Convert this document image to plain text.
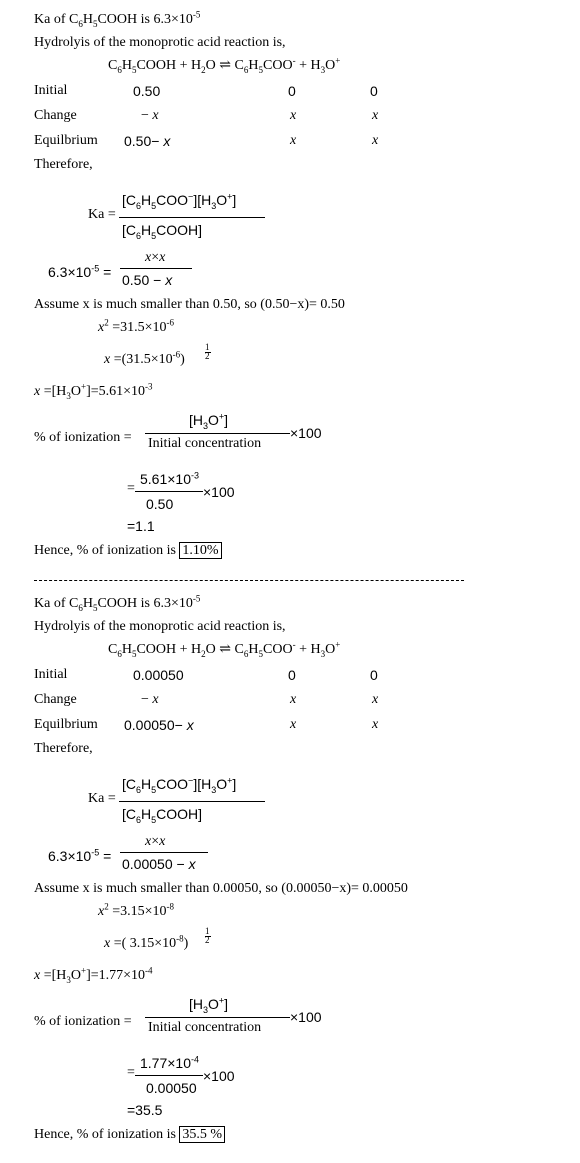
Ka of $C_6H_5COOH$ is $6.3\times 10^{-5}$
Hydrolyis of the monoprotic acid reaction is,
$C_6H_5COOH + H_2O$ ⇌ $C_6H_5COO^- + H_3O^+$
Initial	0.50	0	0
Change	− x	x	x
Equilbrium 0.50− x	x	x
Therefore,
Ka =
$[C_6H_5COO^-][H_3O^+]$
$[C_6H_5COOH]$
$6.3\times 10^{-5}$ =
x×x
0.50 − x
Assume x is much smaller than 0.50, so (0.50−x)= 0.50
$x^2 =31.5\times 10^{-6}$
$x =(31.5\times 10^{-6})$
1
2
$x =[H_3O^+]=5.61\times 10^{-3}$
% of ionization =
$[H_3O^+]$
Initial concentration
×100
$5.61\times 10^{-3}$
=	×100
0.50
=1.1
Hence, % of ionization is 1.10%
Ka of $C_6H_5COOH$ is $6.3\times 10^{-5}$
Hydrolyis of the monoprotic acid reaction is,
$C_6H_5COOH + H_2O$ ⇌ $C_6H_5COO^- + H_3O^+$
Initial	0.00050	0	0
Change	− x	x	x
Equilbrium 0.00050− x	x	x
Therefore,
Ka =
$[C_6H_5COO^-][H_3O^+]$
$[C_6H_5COOH]$
$6.3\times 10^{-5}$ =
x×x
0.00050 − x
Assume x is much smaller than 0.00050, so (0.00050−x)= 0.00050
$x^2 =3.15\times 10^{-8}$
x =( $3.15\times 10^{-8}$)
1
2
$x =[H_3O^+]=1.77\times 10^{-4}$
% of ionization =
$[H_3O^+]$
Initial concentration
×100
$1.77\times 10^{-4}$
=	×100
0.00050
=35.5
Hence, % of ionization is 35.5 %
